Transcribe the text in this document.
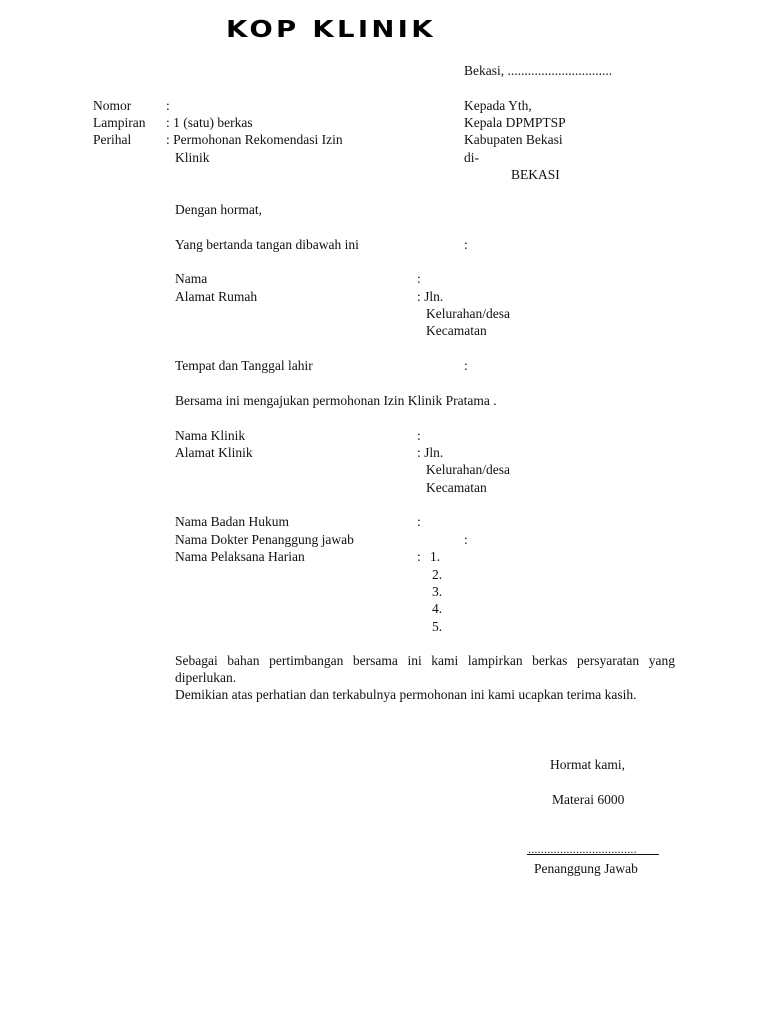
KOP KLINIK
Bekasi, ...............................
Nomor	:
Lampiran : 1 (satu) berkas
Perihal	: Permohonan Rekomendasi Izin
Klinik
Kepada Yth,
Kepala DPMPTSP
Kabupaten Bekasi
di-
BEKASI
Dengan hormat,
Yang bertanda tangan dibawah ini	:
Nama	:
Alamat Rumah	: Jln.
Kelurahan/desa
Kecamatan
Tempat dan Tanggal lahir	:
Bersama ini mengajukan permohonan Izin Klinik Pratama .
Nama Klinik	:
Alamat Klinik	: Jln.
Kelurahan/desa
Kecamatan
Nama Badan Hukum	:
Nama Dokter Penanggung jawab	:
Nama Pelaksana Harian	: 1.
2.
3.
4.
5.

Sebagai bahan pertimbangan bersama ini kami lampirkan berkas persyaratan yang diperlukan.

Demikian atas perhatian dan terkabulnya permohonan ini kami ucapkan terima kasih.

Hormat kami,
Materai 6000
..................................
Penanggung Jawab
